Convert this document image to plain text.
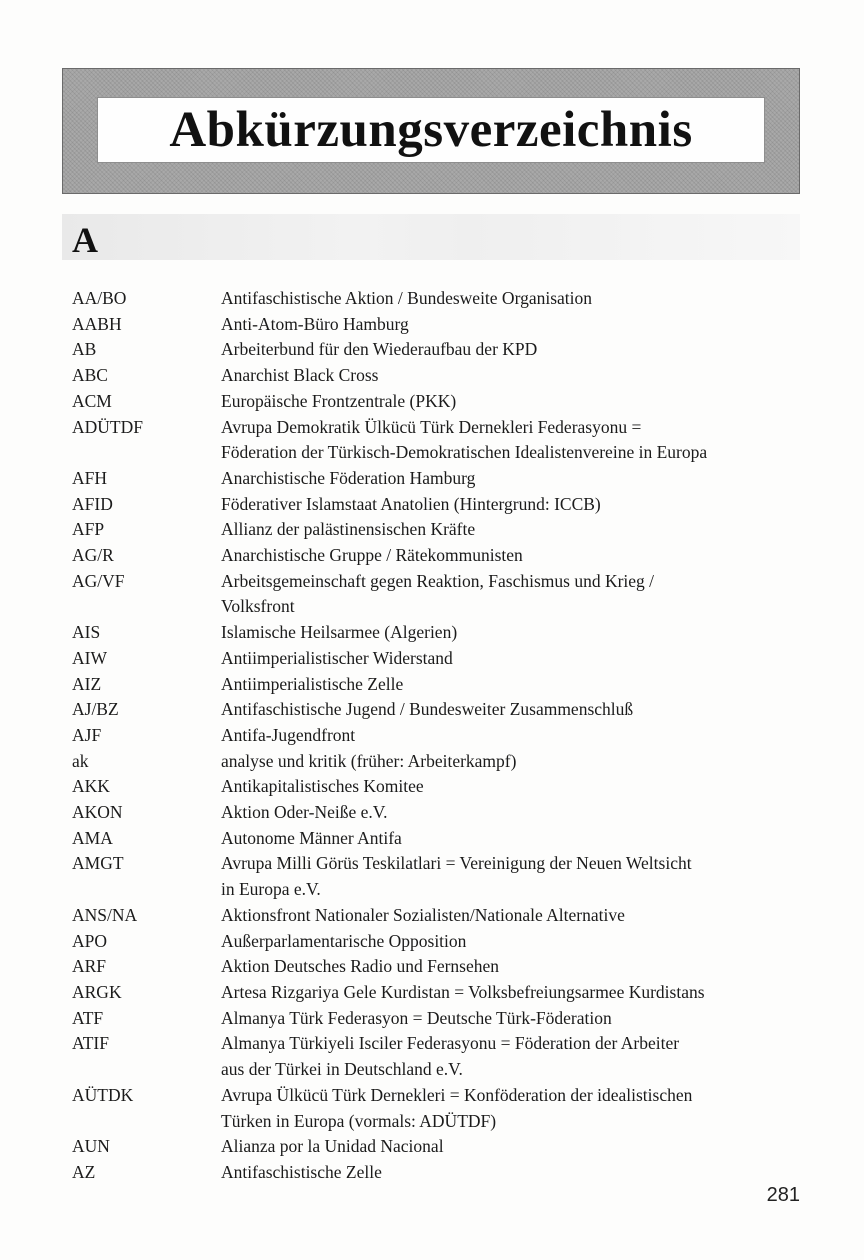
Abkürzungsverzeichnis
A
AA/BO	Antifaschistische Aktion / Bundesweite Organisation
AABH	Anti-Atom-Büro Hamburg
AB	Arbeiterbund für den Wiederaufbau der KPD
ABC	Anarchist Black Cross
ACM	Europäische Frontzentrale (PKK)
ADÜTDF	Avrupa Demokratik Ülkücü Türk Dernekleri Federasyonu =
Föderation der Türkisch-Demokratischen Idealistenvereine in Europa
AFH	Anarchistische Föderation Hamburg
AFID	Föderativer Islamstaat Anatolien (Hintergrund: ICCB)
AFP	Allianz der palästinensischen Kräfte
AG/R	Anarchistische Gruppe / Rätekommunisten
AG/VF	Arbeitsgemeinschaft gegen Reaktion, Faschismus und Krieg /
Volksfront
AIS	Islamische Heilsarmee (Algerien)
AIW	Antiimperialistischer Widerstand
AIZ	Antiimperialistische Zelle
AJ/BZ	Antifaschistische Jugend / Bundesweiter Zusammenschluß
AJF	Antifa-Jugendfront
ak	analyse und kritik (früher: Arbeiterkampf)
AKK	Antikapitalistisches Komitee
AKON	Aktion Oder-Neiße e.V.
AMA	Autonome Männer Antifa
AMGT	Avrupa Milli Görüs Teskilatlari = Vereinigung der Neuen Weltsicht
in Europa e.V.
ANS/NA	Aktionsfront Nationaler Sozialisten/Nationale Alternative
APO	Außerparlamentarische Opposition
ARF	Aktion Deutsches Radio und Fernsehen
ARGK	Artesa Rizgariya Gele Kurdistan = Volksbefreiungsarmee Kurdistans
ATF	Almanya Türk Federasyon = Deutsche Türk-Föderation
ATIF	Almanya Türkiyeli Isciler Federasyonu = Föderation der Arbeiter
aus der Türkei in Deutschland e.V.
AÜTDK	Avrupa Ülkücü Türk Dernekleri = Konföderation der idealistischen
Türken in Europa (vormals: ADÜTDF)
AUN	Alianza por la Unidad Nacional
AZ	Antifaschistische Zelle
281
